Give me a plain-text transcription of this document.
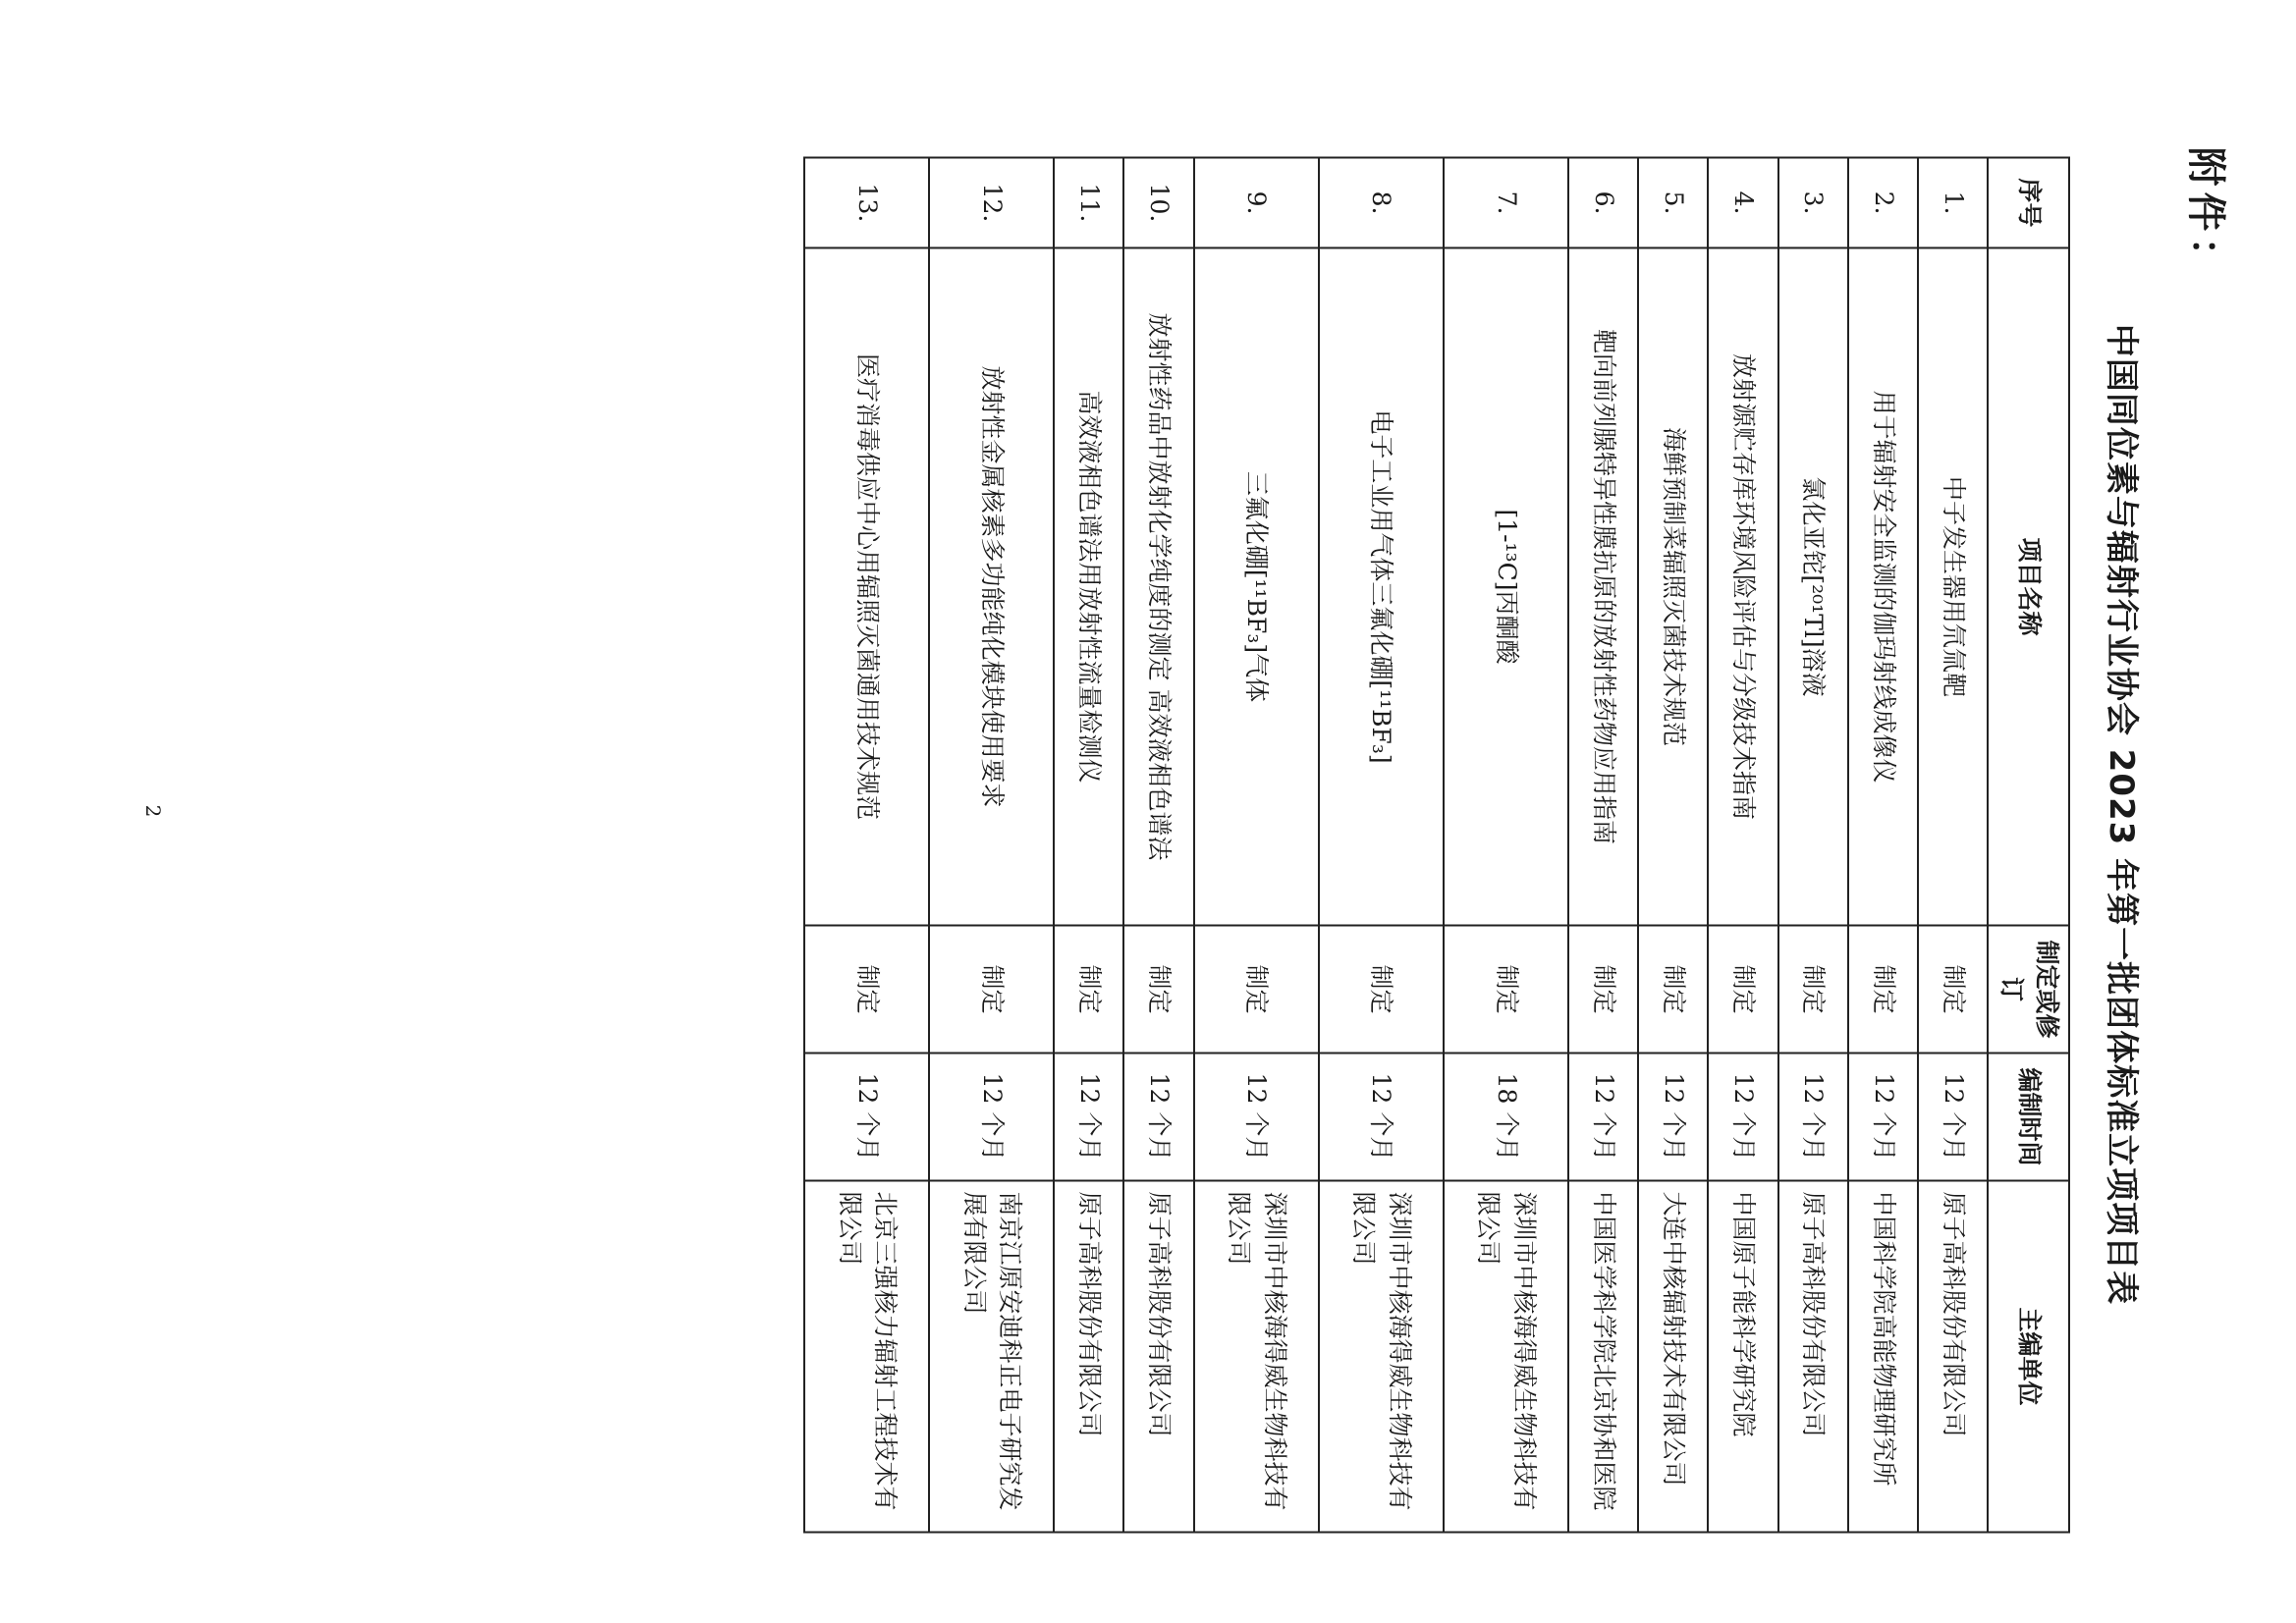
附件：
中国同位素与辐射行业协会 2023 年第一批团体标准立项项目表
序号	项目名称	制定或修订	编制时间	主编单位
1.	中子发生器用氘氚靶	制定	12 个月	原子高科股份有限公司
2.	用于辐射安全监测的伽玛射线成像仪	制定	12 个月	中国科学院高能物理研究所
3.	氯化亚铊[²⁰¹Tl]溶液	制定	12 个月	原子高科股份有限公司
4.	放射源贮存库环境风险评估与分级技术指南	制定	12 个月	中国原子能科学研究院
5.	海鲜预制菜辐照灭菌技术规范	制定	12 个月	大连中核辐射技术有限公司
6.	靶向前列腺特异性膜抗原的放射性药物应用指南	制定	12 个月	中国医学科学院北京协和医院
7.	[1-¹³C]丙酮酸	制定	18 个月	深圳市中核海得威生物科技有限公司
8.	电子工业用气体三氟化硼[¹¹BF₃]	制定	12 个月	深圳市中核海得威生物科技有限公司
9.	三氟化硼[¹¹BF₃]气体	制定	12 个月	深圳市中核海得威生物科技有限公司
10.	放射性药品中放射化学纯度的测定 高效液相色谱法	制定	12 个月	原子高科股份有限公司
11.	高效液相色谱法用放射性流量检测仪	制定	12 个月	原子高科股份有限公司
12.	放射性金属核素多功能纯化模块使用要求	制定	12 个月	南京江原安迪科正电子研究发展有限公司
13.	医疗消毒供应中心用辐照灭菌通用技术规范	制定	12 个月	北京三强核力辐射工程技术有限公司
2
